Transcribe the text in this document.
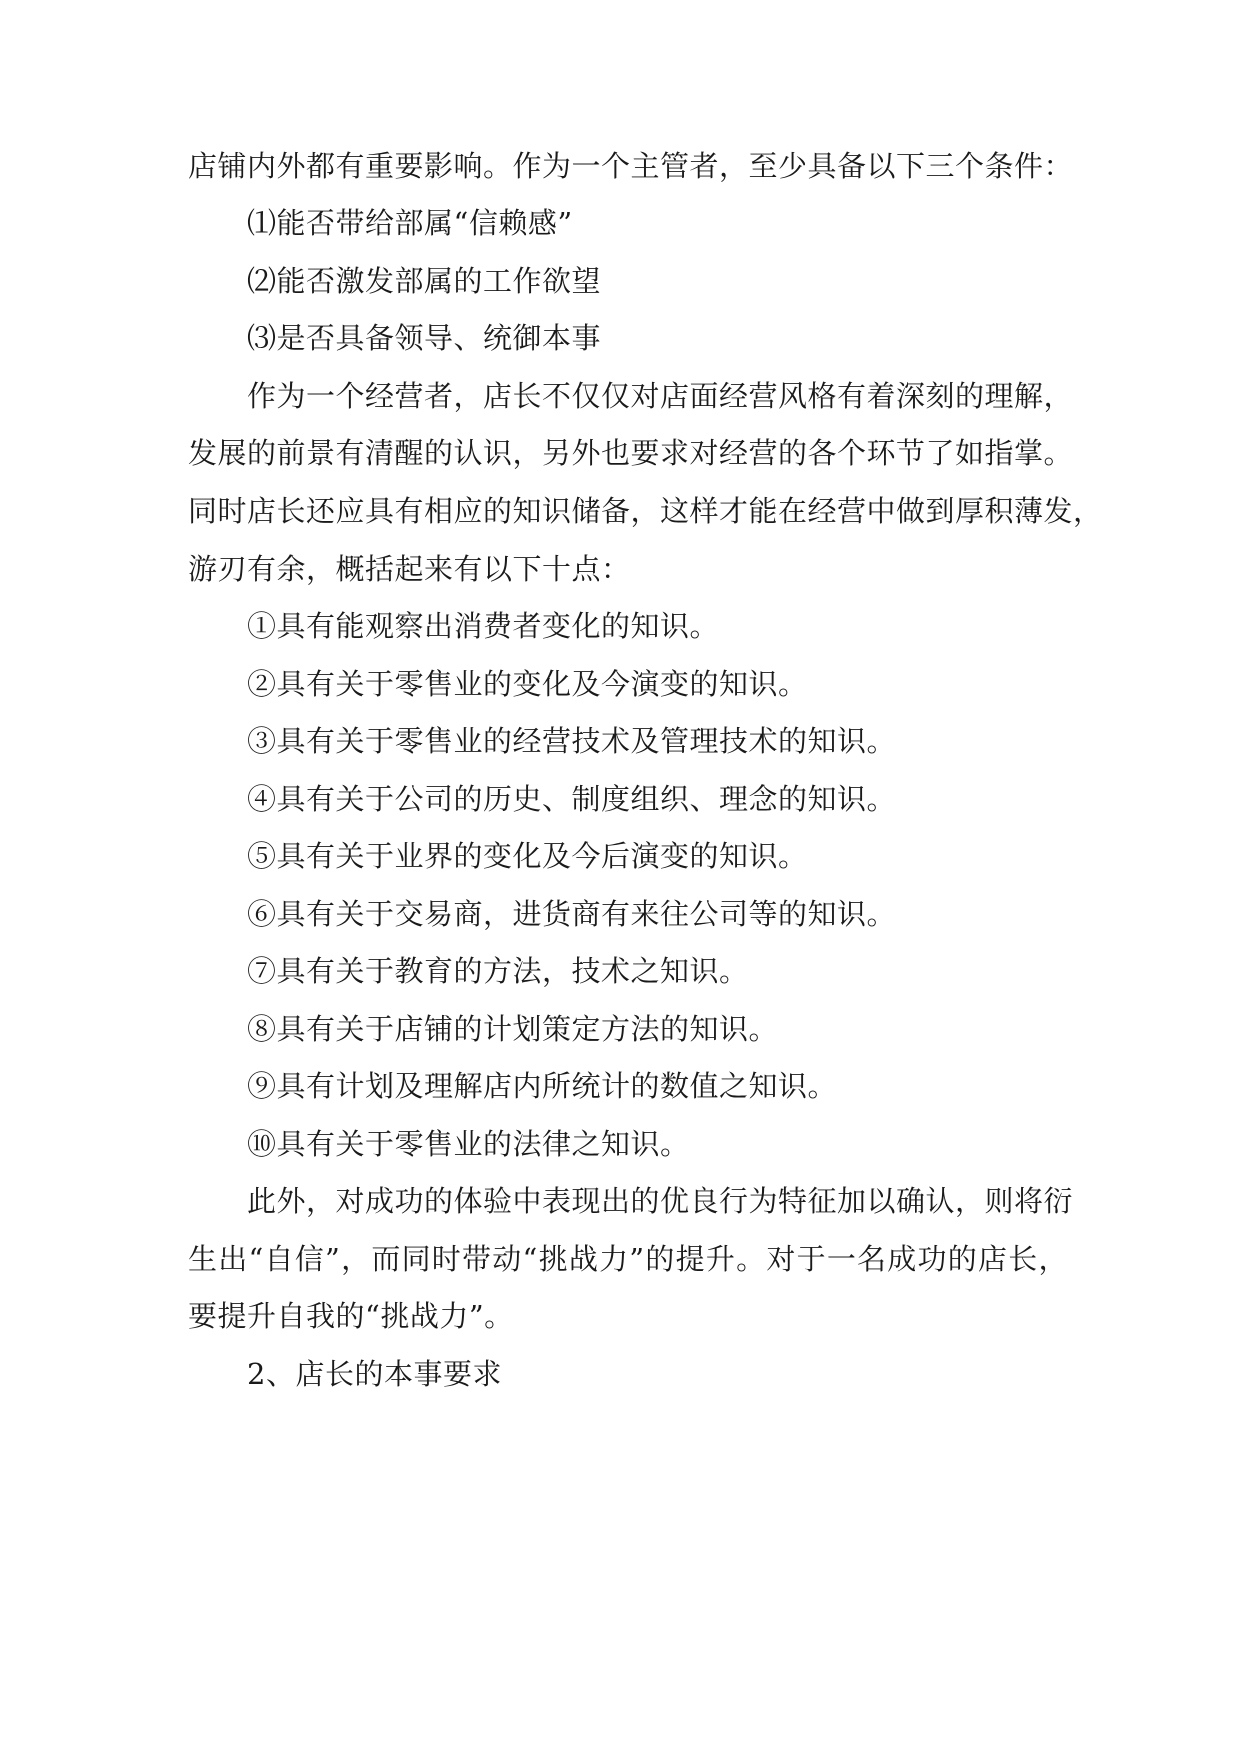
店铺内外都有重要影响。作为一个主管者，至少具备以下三个条件：
⑴能否带给部属“信赖感”
⑵能否激发部属的工作欲望
⑶是否具备领导、统御本事
作为一个经营者，店长不仅仅对店面经营风格有着深刻的理解，
发展的前景有清醒的认识，另外也要求对经营的各个环节了如指掌。
同时店长还应具有相应的知识储备，这样才能在经营中做到厚积薄发，
游刃有余，概括起来有以下十点：
①具有能观察出消费者变化的知识。
②具有关于零售业的变化及今演变的知识。
③具有关于零售业的经营技术及管理技术的知识。
④具有关于公司的历史、制度组织、理念的知识。
⑤具有关于业界的变化及今后演变的知识。
⑥具有关于交易商，进货商有来往公司等的知识。
⑦具有关于教育的方法，技术之知识。
⑧具有关于店铺的计划策定方法的知识。
⑨具有计划及理解店内所统计的数值之知识。
⑩具有关于零售业的法律之知识。
此外，对成功的体验中表现出的优良行为特征加以确认，则将衍
生出“自信”，而同时带动“挑战力”的提升。对于一名成功的店长，
要提升自我的“挑战力”。
2、店长的本事要求
